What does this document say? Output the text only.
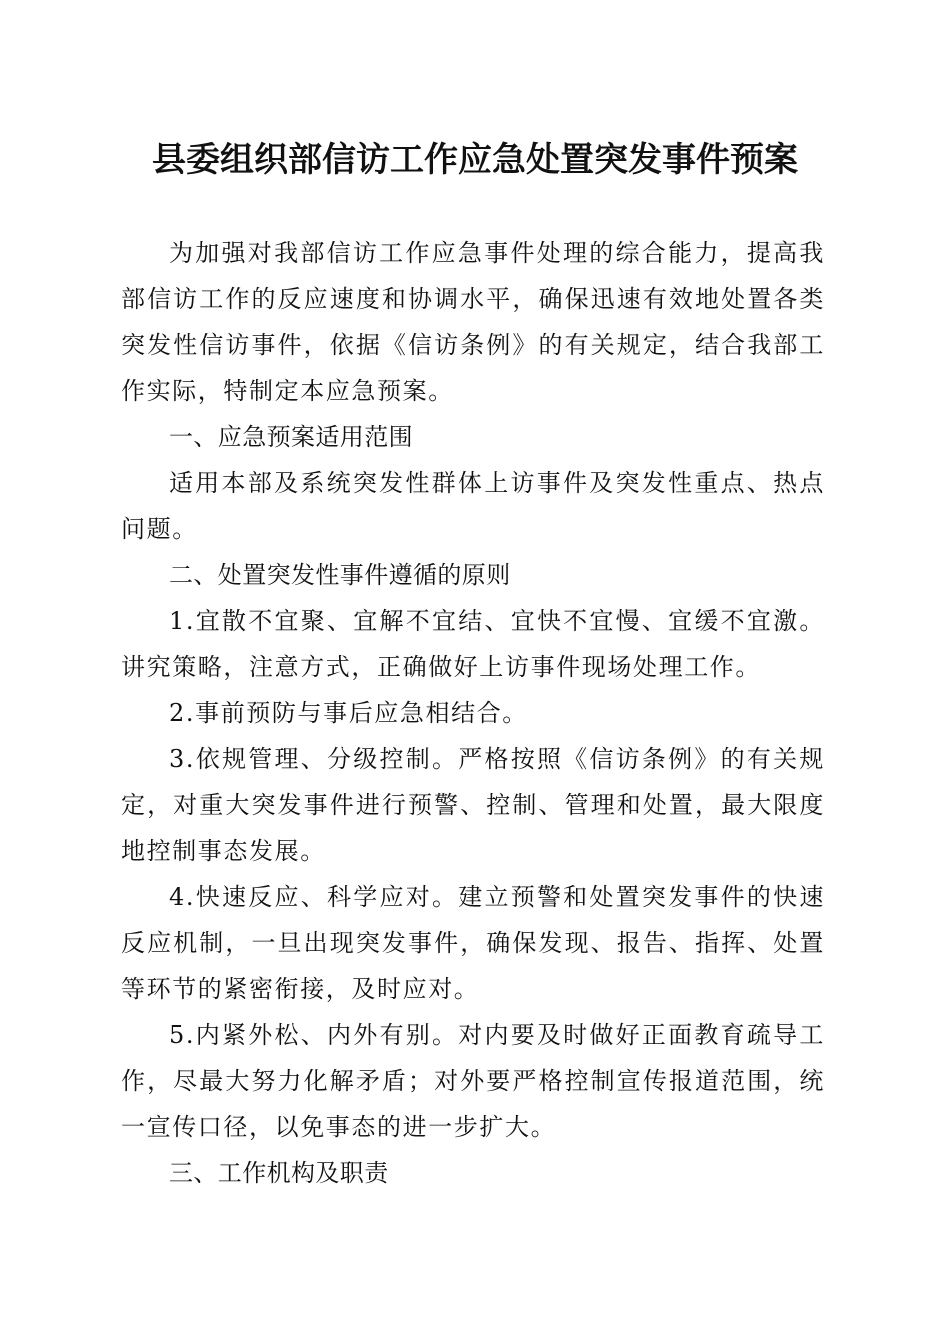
县委组织部信访工作应急处置突发事件预案

为加强对我部信访工作应急事件处理的综合能力，提高我部信访工作的反应速度和协调水平，确保迅速有效地处置各类突发性信访事件，依据《信访条例》的有关规定，结合我部工作实际，特制定本应急预案。

一、应急预案适用范围

适用本部及系统突发性群体上访事件及突发性重点、热点问题。

二、处置突发性事件遵循的原则

1.宜散不宜聚、宜解不宜结、宜快不宜慢、宜缓不宜激。讲究策略，注意方式，正确做好上访事件现场处理工作。

2.事前预防与事后应急相结合。

3.依规管理、分级控制。严格按照《信访条例》的有关规定，对重大突发事件进行预警、控制、管理和处置，最大限度地控制事态发展。

4.快速反应、科学应对。建立预警和处置突发事件的快速反应机制，一旦出现突发事件，确保发现、报告、指挥、处置等环节的紧密衔接，及时应对。

5.内紧外松、内外有别。对内要及时做好正面教育疏导工作，尽最大努力化解矛盾；对外要严格控制宣传报道范围，统一宣传口径，以免事态的进一步扩大。

三、工作机构及职责
